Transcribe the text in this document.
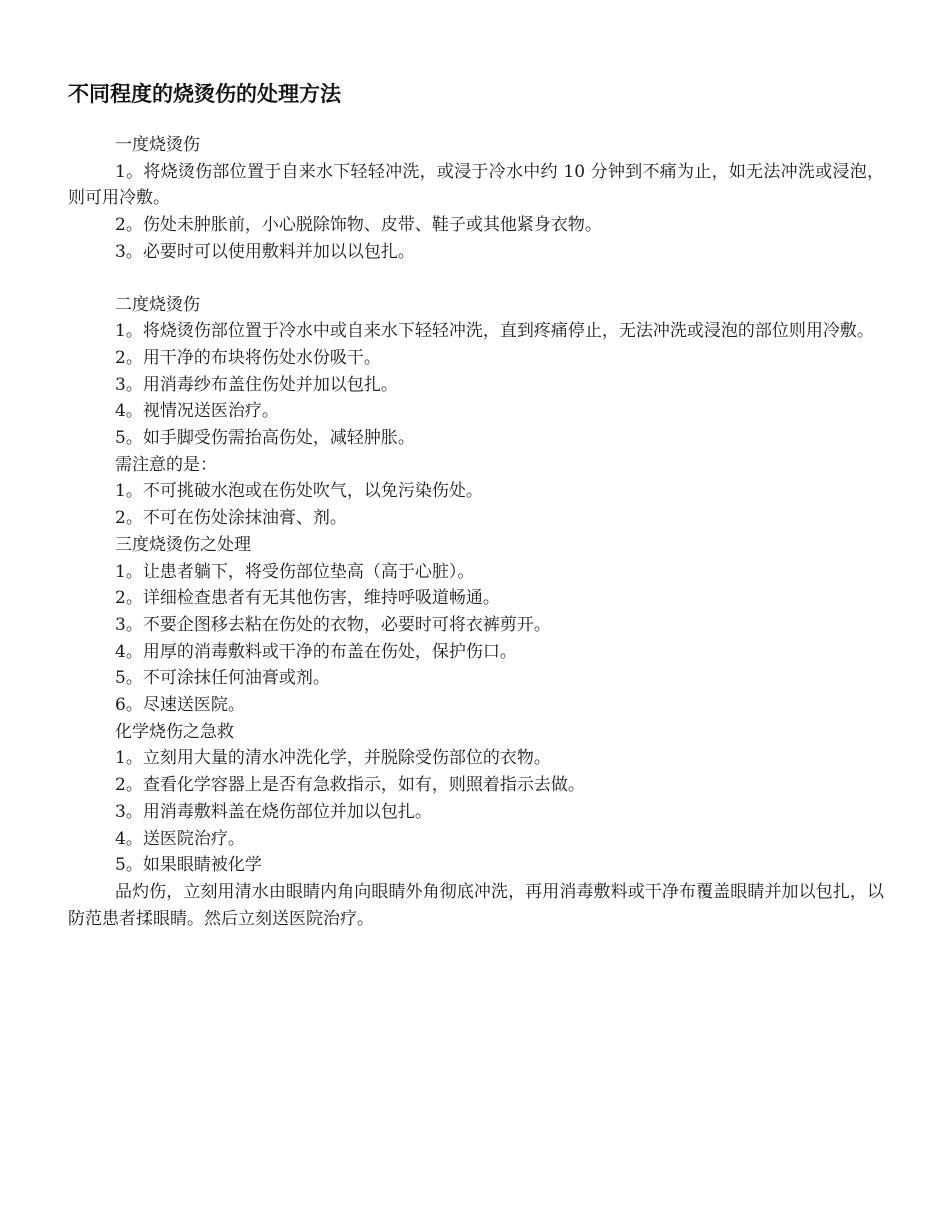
不同程度的烧烫伤的处理方法
一度烧烫伤
1。将烧烫伤部位置于自来水下轻轻冲洗，或浸于冷水中约 10 分钟到不痛为止，如无法冲洗或浸泡，则可用冷敷。
2。伤处未肿胀前，小心脱除饰物、皮带、鞋子或其他紧身衣物。
3。必要时可以使用敷料并加以以包扎。
二度烧烫伤
1。将烧烫伤部位置于冷水中或自来水下轻轻冲洗，直到疼痛停止，无法冲洗或浸泡的部位则用冷敷。
2。用干净的布块将伤处水份吸干。
3。用消毒纱布盖住伤处并加以包扎。
4。视情况送医治疗。
5。如手脚受伤需抬高伤处，减轻肿胀。
需注意的是：
1。不可挑破水泡或在伤处吹气，以免污染伤处。
2。不可在伤处涂抹油膏、剂。
三度烧烫伤之处理
1。让患者躺下，将受伤部位垫高（高于心脏）。
2。详细检查患者有无其他伤害，维持呼吸道畅通。
3。不要企图移去粘在伤处的衣物，必要时可将衣裤剪开。
4。用厚的消毒敷料或干净的布盖在伤处，保护伤口。
5。不可涂抹任何油膏或剂。
6。尽速送医院。
化学烧伤之急救
1。立刻用大量的清水冲洗化学，并脱除受伤部位的衣物。
2。查看化学容器上是否有急救指示，如有，则照着指示去做。
3。用消毒敷料盖在烧伤部位并加以包扎。
4。送医院治疗。
5。如果眼睛被化学
品灼伤，立刻用清水由眼睛内角向眼睛外角彻底冲洗，再用消毒敷料或干净布覆盖眼睛并加以包扎，以防范患者揉眼睛。然后立刻送医院治疗。
